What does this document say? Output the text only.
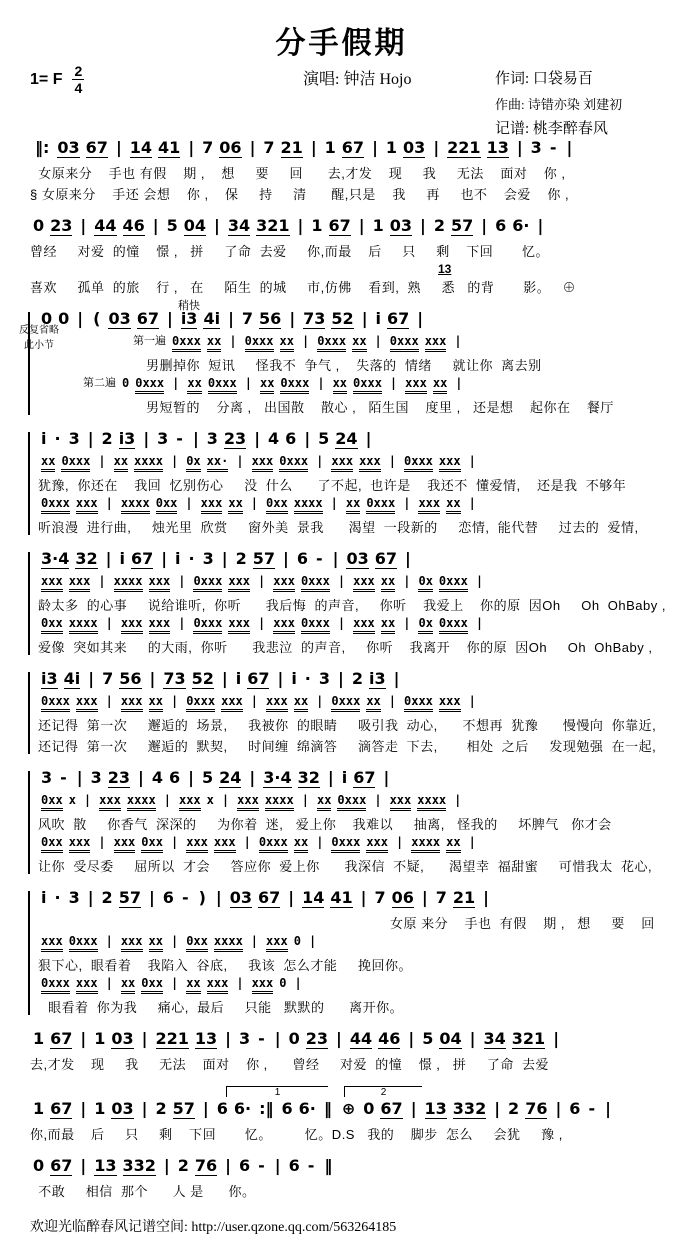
分手假期
1= F $\frac{2}{4}$	演唱: 钟洁 Hojo	作词: 口袋易百
作曲: 诗错亦染 刘建初
记谱: 桃李醉春风
‖: 03 67 | 14 41 | 7 06 | 7 21 | 1 67 | 1 03 | 221 13 | 3 - |
女原来分    手也 有假    期 ,    想     要     回      去,才发    现     我     无法    面对    你 ,
§ 女原来分    手还 会想    你 ,    保     持     清      醒,只是    我     再     也不    会爱    你 ,
0 23 | 44 46 | 5 04 | 34 321 | 1 67 | 1 03 | 2 57 | 6 6· |
曾经     对爱  的憧    憬 ,   拼     了命  去爱     你,而最    后     只     剩    下回       忆。
13
喜欢     孤单  的旅    行 ,   在     陌生  的城     市,仿佛    看到,  熟     悉   的背       影。   ⊕
反复省略
此小节
稍快
0 0 | ( 03 67 | i3 4i | 7 56 | 73 52 | i 67 |
第一遍 0xxx xx | 0xxx xx | 0xxx xx | 0xxx xxx |
男删掉你  短讯     怪我不  争气 ,    失落的  情绪     就让你  离去别
第二遍 0 0xxx | xx 0xxx | xx 0xxx | xx 0xxx | xxx xx |
男短暂的    分离 ,   出国散    散心 ,   陌生国    度里 ,   还是想    起你在    餐厅
i · 3 | 2 i3 | 3 - | 3 23 | 4 6 | 5 24 |
xx 0xxx | xx xxxx | 0x xx· | xxx 0xxx | xxx xxx | 0xxx xxx |
犹豫,  你还在    我回  忆别伤心     没  什么      了不起,  也许是    我还不  懂爱情,    还是我  不够年
0xxx xxx | xxxx 0xx | xxx xx | 0xx xxxx | xx 0xxx | xxx xx |
听浪漫  进行曲,     烛光里  欣赏     窗外美  景我      渴望  一段新的     恋情,  能代替     过去的  爱情,
3·4 32 | i 67 | i · 3 | 2 57 | 6 - | 03 67 |
xxx xxx | xxxx xxx | 0xxx xxx | xxx 0xxx | xxx xx | 0x 0xxx |
龄太多  的心事     说给谁听,  你听      我后悔  的声音,     你听    我爱上    你的原  因Oh     Oh  OhBaby ,
0xx xxxx | xxx xxx | 0xxx xxx | xxx 0xxx | xxx xx | 0x 0xxx |
爱像  突如其来     的大雨,  你听      我悲泣  的声音,     你听    我离开    你的原  因Oh     Oh  OhBaby ,
i3 4i | 7 56 | 73 52 | i 67 | i · 3 | 2 i3 |
0xxx xxx | xxx xx | 0xxx xxx | xxx xx | 0xxx xx | 0xxx xxx |
还记得  第一次     邂逅的  场景,     我被你  的眼睛     吸引我  动心,      不想再  犹豫      慢慢向  你靠近,
还记得  第一次     邂逅的  默契,     时间缠  绵滴答     滴答走  下去,       相处  之后     发现勉强  在一起,
3 - | 3 23 | 4 6 | 5 24 | 3·4 32 | i 67 |
0xx x | xxx xxxx | xxx x | xxx xxxx | xx 0xxx | xxx xxxx |
风吹  散     你香气  深深的     为你着  迷,   爱上你    我难以     抽离,   怪我的     坏脾气   你才会
0xx xxx | xxx 0xx | xxx xxx | 0xxx xx | 0xxx xxx | xxxx xx |
让你  受尽委     屈所以  才会     答应你  爱上你      我深信  不疑,      渴望幸  福甜蜜     可惜我太  花心,
i · 3 | 2 57 | 6 - ) | 03 67 | 14 41 | 7 06 | 7 21 |
女原 来分    手也  有假    期 ,   想     要    回
xxx 0xxx | xxx xx | 0xx xxxx | xxx 0 |
狠下心,  眼看着    我陷入  谷底,     我该  怎么才能     挽回你。
0xxx xxx | xx 0xx | xx xxx | xxx 0 |
眼看着  你为我     痛心,  最后     只能   默默的      离开你。
1 67 | 1 03 | 221 13 | 3 - | 0 23 | 44 46 | 5 04 | 34 321 |
去,才发    现     我     无法    面对    你 ,      曾经     对爱  的憧    憬 ,   拼     了命  去爱
1	2
1 67 | 1 03 | 2 57 | 6 6· :‖ 6 6· ‖ ⊕ 0 67 | 13 332 | 2 76 | 6 - |
你,而最    后     只     剩    下回       忆。        忆。D.S   我的    脚步  怎么     会犹     豫 ,
0 67 | 13 332 | 2 76 | 6 - | 6 - ‖
不敢     相信  那个      人 是      你。
欢迎光临醉春风记谱空间: http://user.qzone.qq.com/563264185
